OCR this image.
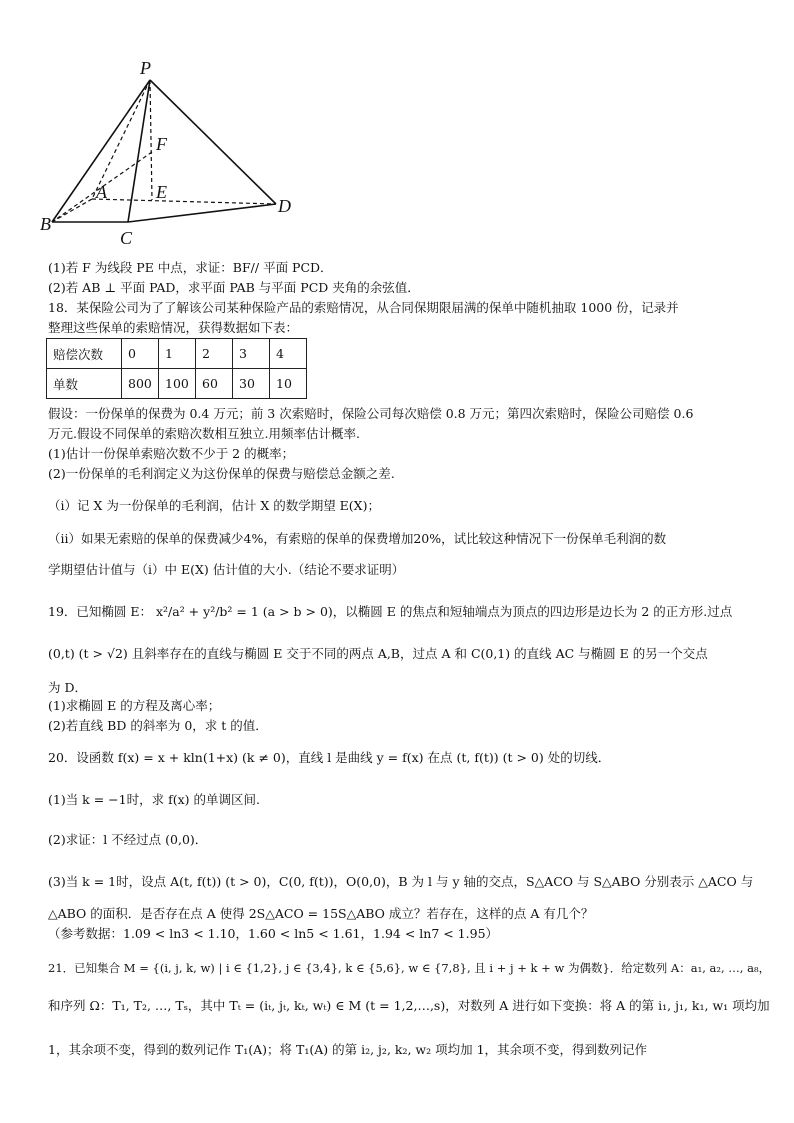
P
F
A	E
B
D
C
(1)若 F 为线段 PE 中点，求证：BF// 平面 PCD．
(2)若 AB ⊥ 平面 PAD，求平面 PAB 与平面 PCD 夹角的余弦值．
18．某保险公司为了了解该公司某种保险产品的索赔情况，从合同保期限届满的保单中随机抽取 1000 份，记录并
整理这些保单的索赔情况，获得数据如下表：
赔偿次数	0	1	2	3	4
单数	800	100	60	30	10
假设：一份保单的保费为 0.4 万元；前 3 次索赔时，保险公司每次赔偿 0.8 万元；第四次索赔时，保险公司赔偿 0.6
万元.假设不同保单的索赔次数相互独立.用频率估计概率.
(1)估计一份保单索赔次数不少于 2 的概率；
(2)一份保单的毛利润定义为这份保单的保费与赔偿总金额之差.
（i）记 X 为一份保单的毛利润，估计 X 的数学期望 E(X)；
（ii）如果无索赔的保单的保费减少4%，有索赔的保单的保费增加20%，试比较这种情况下一份保单毛利润的数
学期望估计值与（i）中 E(X) 估计值的大小.（结论不要求证明）
19．已知椭圆 E： x²/a² + y²/b² = 1 (a > b > 0)，以椭圆 E 的焦点和短轴端点为顶点的四边形是边长为 2 的正方形.过点
(0,t) (t > √2) 且斜率存在的直线与椭圆 E 交于不同的两点 A,B，过点 A 和 C(0,1) 的直线 AC 与椭圆 E 的另一个交点
为 D．
(1)求椭圆 E 的方程及离心率；
(2)若直线 BD 的斜率为 0，求 t 的值．
20．设函数 f(x) = x + kln(1+x) (k ≠ 0)，直线 l 是曲线 y = f(x) 在点 (t, f(t)) (t > 0) 处的切线．
(1)当 k = −1时，求 f(x) 的单调区间.
(2)求证：l 不经过点 (0,0)．
(3)当 k = 1时，设点 A(t, f(t)) (t > 0)，C(0, f(t))，O(0,0)，B 为 l 与 y 轴的交点，S△ACO 与 S△ABO 分别表示 △ACO 与
△ABO 的面积．是否存在点 A 使得 2S△ACO = 15S△ABO 成立？若存在，这样的点 A 有几个？
（参考数据：1.09 < ln3 < 1.10，1.60 < ln5 < 1.61，1.94 < ln7 < 1.95）
21．已知集合 M = {(i, j, k, w) | i ∈ {1,2}, j ∈ {3,4}, k ∈ {5,6}, w ∈ {7,8}, 且 i + j + k + w 为偶数}．给定数列 A：a₁, a₂, …, a₈，
和序列 Ω：T₁, T₂, …, Tₛ，其中 Tₜ = (iₜ, jₜ, kₜ, wₜ) ∈ M (t = 1,2,…,s)，对数列 A 进行如下变换：将 A 的第 i₁, j₁, k₁, w₁ 项均加
1，其余项不变，得到的数列记作 T₁(A)；将 T₁(A) 的第 i₂, j₂, k₂, w₂ 项均加 1，其余项不变，得到数列记作
